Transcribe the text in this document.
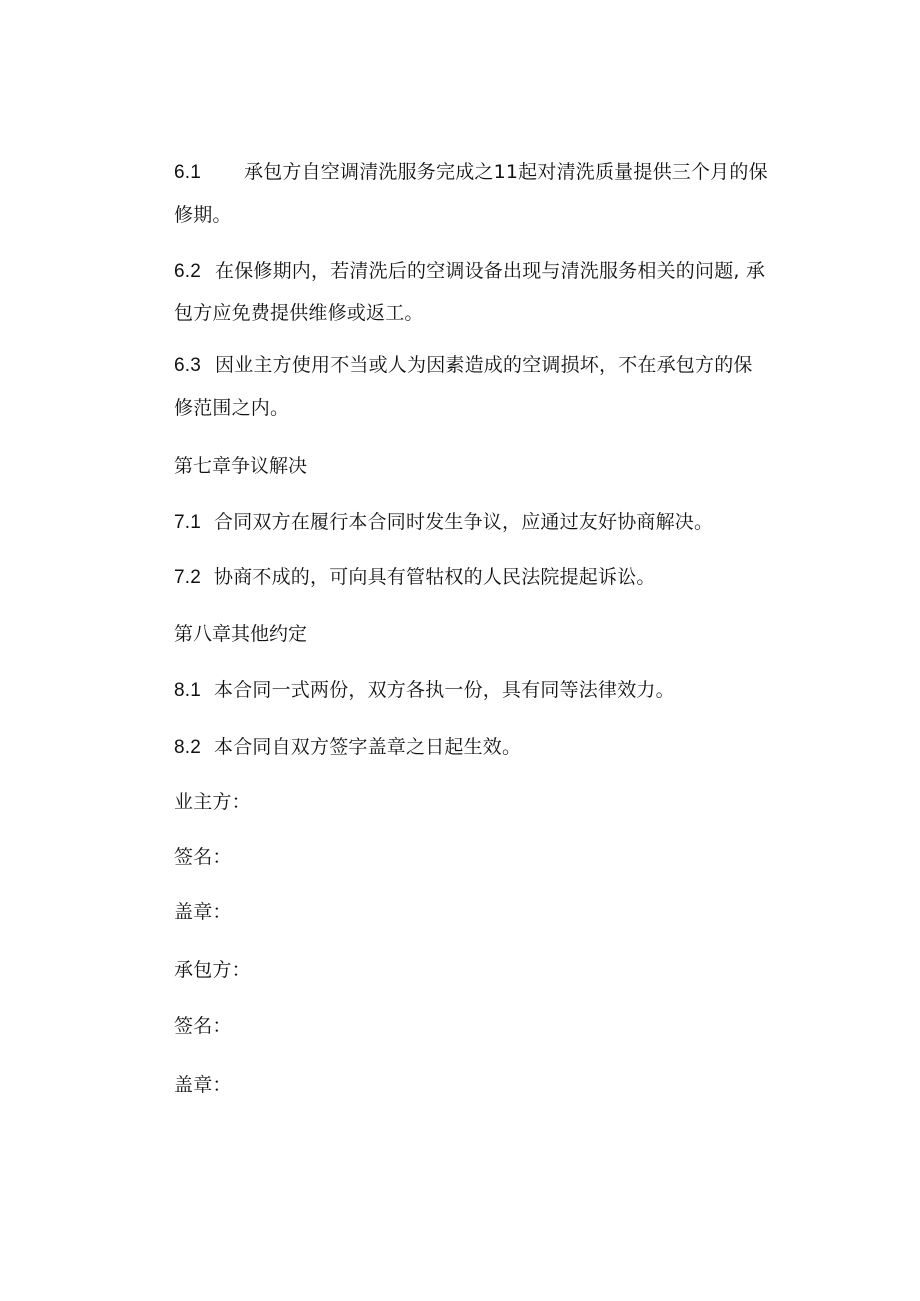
6.1 承包方自空调清洗服务完成之11起对清洗质量提供三个月的保

修期。

6.2 在保修期内，若清洗后的空调设备出现与清洗服务相关的问题, 承

包方应免费提供维修或返工。

6.3 因业主方使用不当或人为因素造成的空调损坏，不在承包方的保

修范围之内。

第七章争议解决

7.1 合同双方在履行本合同时发生争议，应通过友好协商解决。

7.2 协商不成的，可向具有管牯权的人民法院提起诉讼。

第八章其他约定

8.1 本合同一式两份，双方各执一份，具有同等法律效力。

8.2 本合同自双方签字盖章之日起生效。

业主方：

签名：

盖章：

承包方：

签名：

盖章：
